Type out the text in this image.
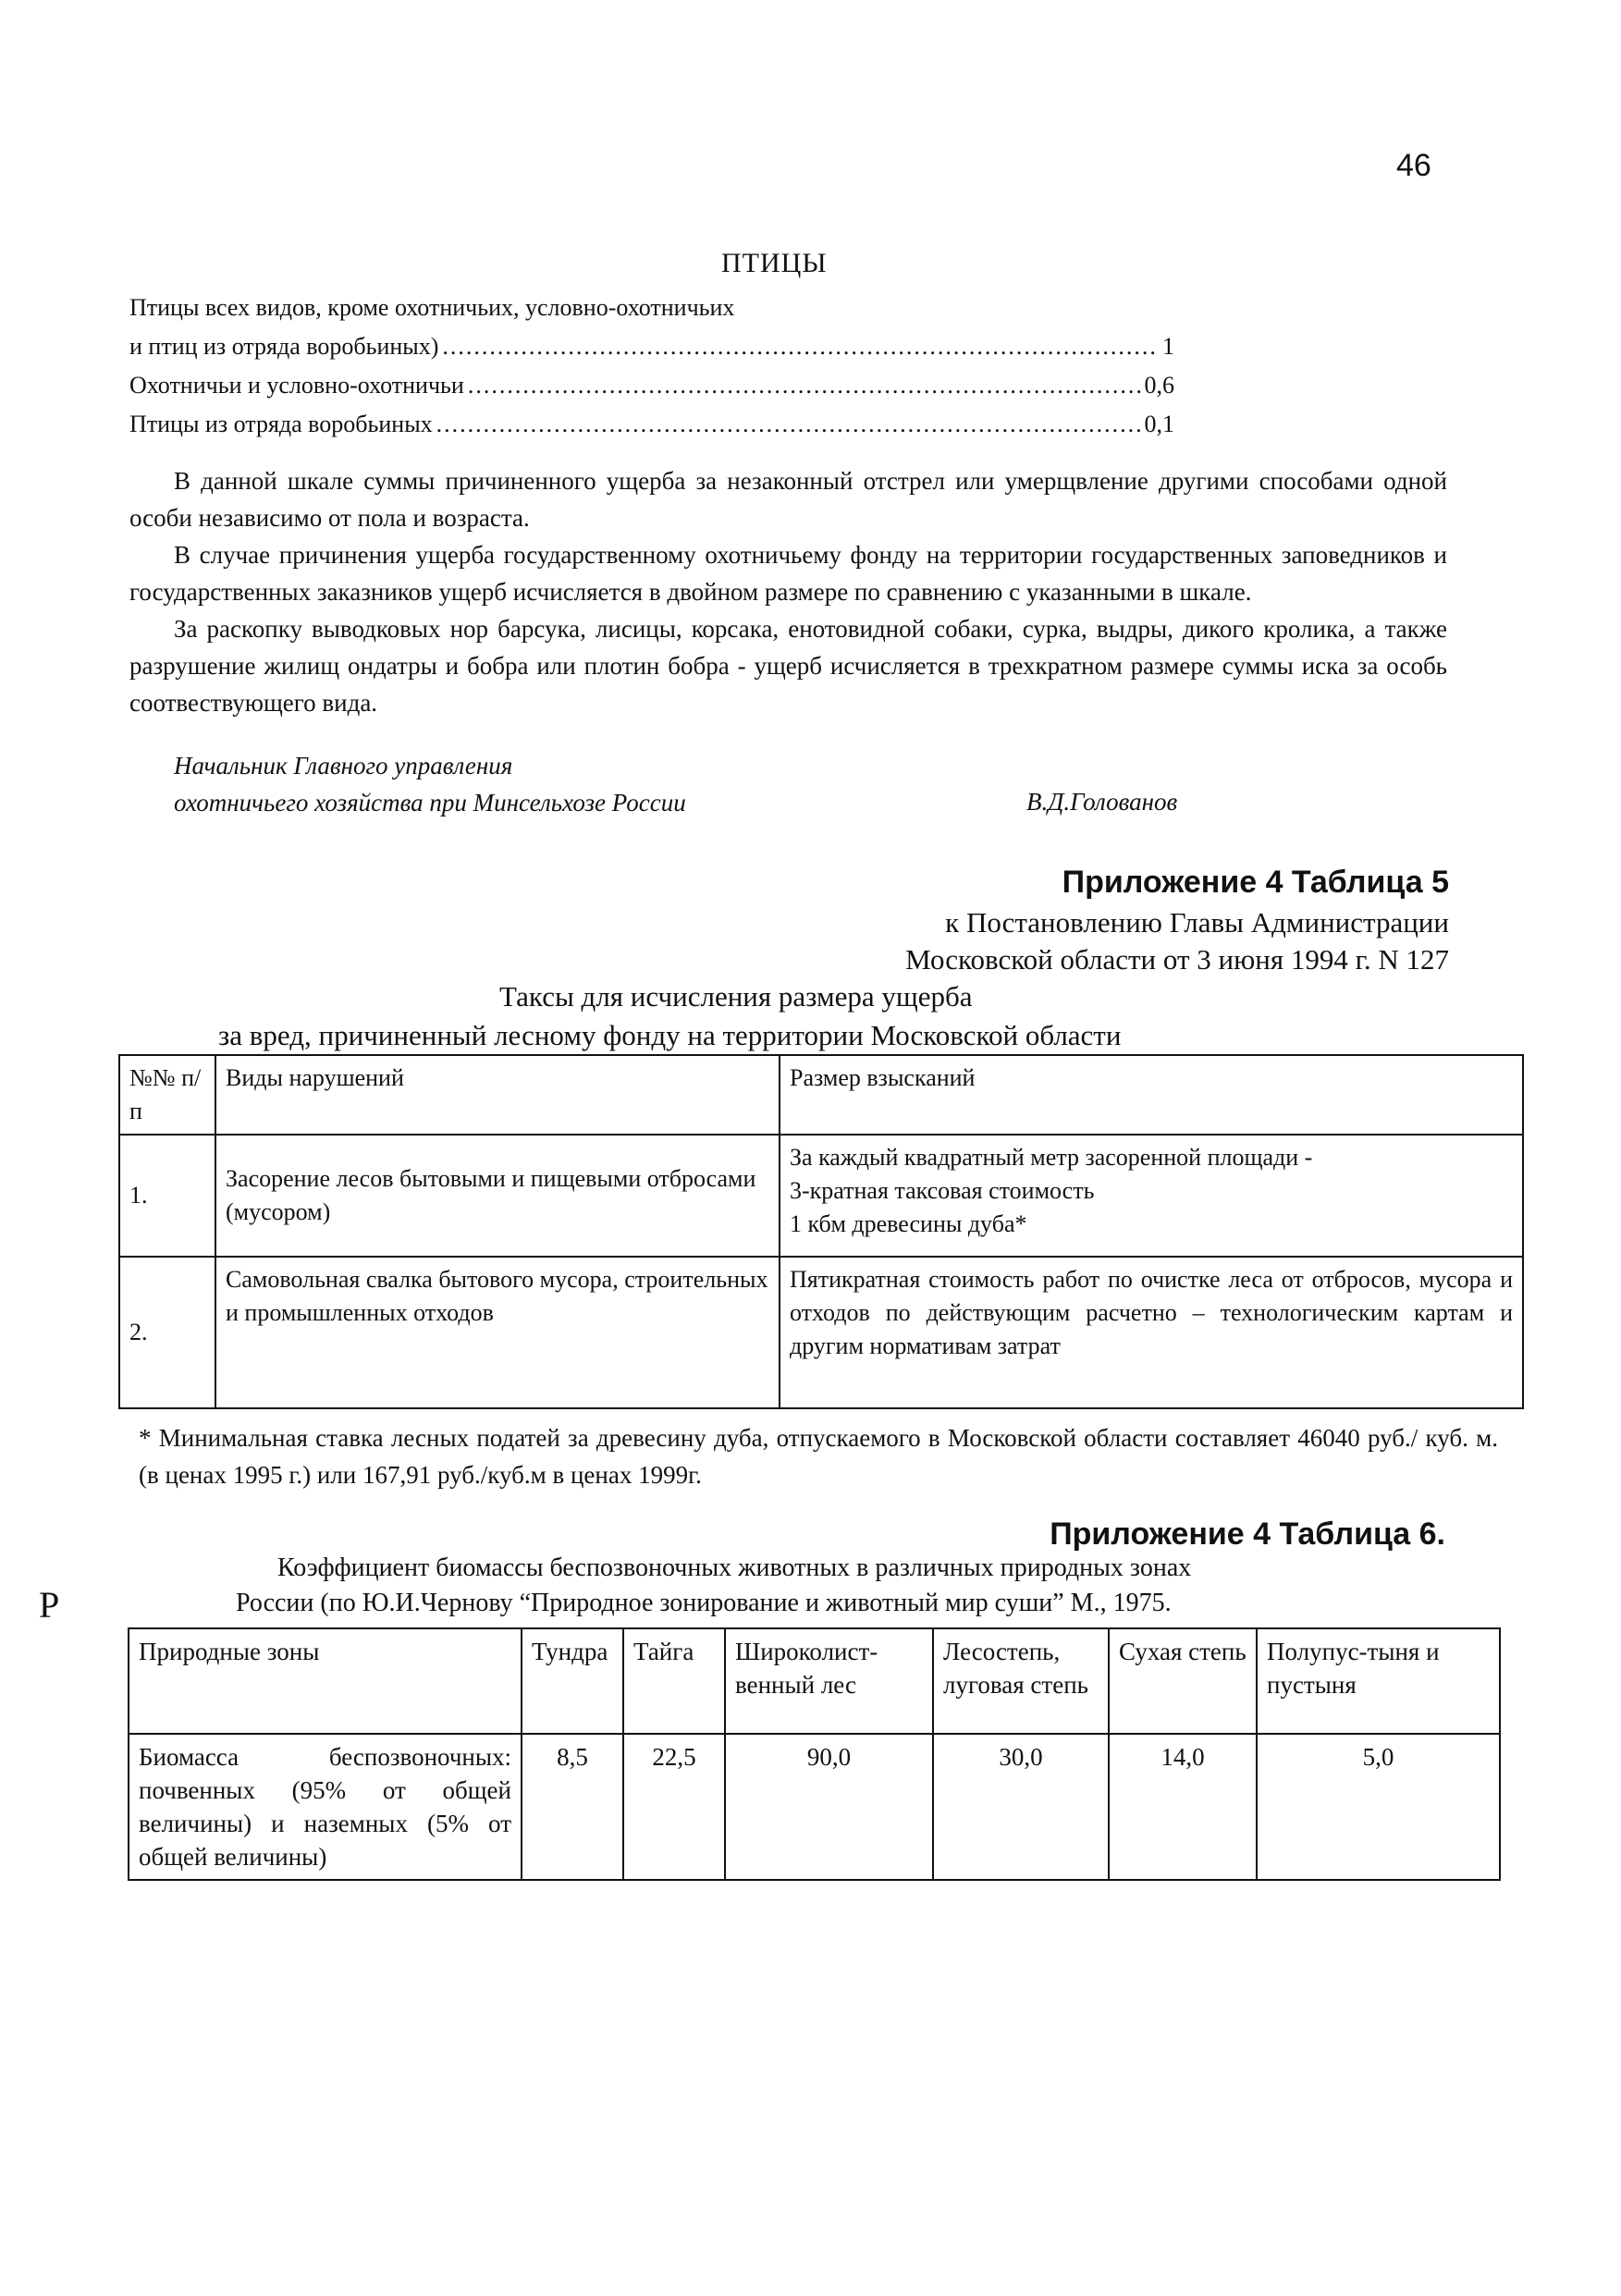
46
ПТИЦЫ
Птицы всех видов, кроме охотничьих, условно-охотничьих
и птиц из отряда воробьиных) .....	1
Охотничьи и условно-охотничьи .....	0,6
Птицы из отряда воробьиных .....	0,1

В данной шкале суммы причиненного ущерба за незаконный отстрел или умерщвление другими способами одной особи независимо от пола и возраста.

В случае причинения ущерба государственному охотничьему фонду на территории государственных заповедников и государственных заказников ущерб исчисляется в двойном размере по сравнению с указанными в шкале.

За раскопку выводковых нор барсука, лисицы, корсака, енотовидной собаки, сурка, выдры, дикого кролика, а также разрушение жилищ ондатры и бобра или плотин бобра - ущерб исчисляется в трехкратном размере суммы иска за особь соотвествующего вида.

Начальник Главного управления
охотничьего хозяйства при Минсельхозе России	В.Д.Голованов
Приложение 4 Таблица 5
к Постановлению Главы Администрации
Московской области от 3 июня 1994 г. N 127
Таксы для исчисления размера ущерба
за вред, причиненный лесному фонду на территории Московской области
№№ п/п	Виды нарушений	Размер взысканий
1.	Засорение лесов бытовыми и пищевыми отбросами (мусором)	За каждый квадратный метр засоренной площади -
3-кратная таксовая стоимость
1 кбм древесины дуба*

2.	Самовольная свалка бытового мусора, строительных и промышленных отходов	Пятикратная стоимость работ по очистке леса от отбросов, мусора и отходов по действующим расчетно – технологическим картам и другим нормативам затрат
* Минимальная ставка лесных податей за древесину дуба, отпускаемого в Московской области составляет 46040 руб./ куб. м. (в ценах 1995 г.) или 167,91 руб./куб.м в ценах 1999г.
Р
Приложение 4 Таблица 6.
Коэффициент биомассы беспозвоночных животных в различных природных зонах
России (по Ю.И.Чернову “Природное зонирование и животный мир суши” М., 1975.
Природные зоны	Тундра	Тайга	Широколист-венный лес	Лесостепь, луговая степь	Сухая степь	Полупус-тыня и пустыня
Биомасса беспозвоночных: почвенных (95% от общей величины) и наземных (5% от общей величины)	8,5	22,5	90,0	30,0	14,0	5,0
